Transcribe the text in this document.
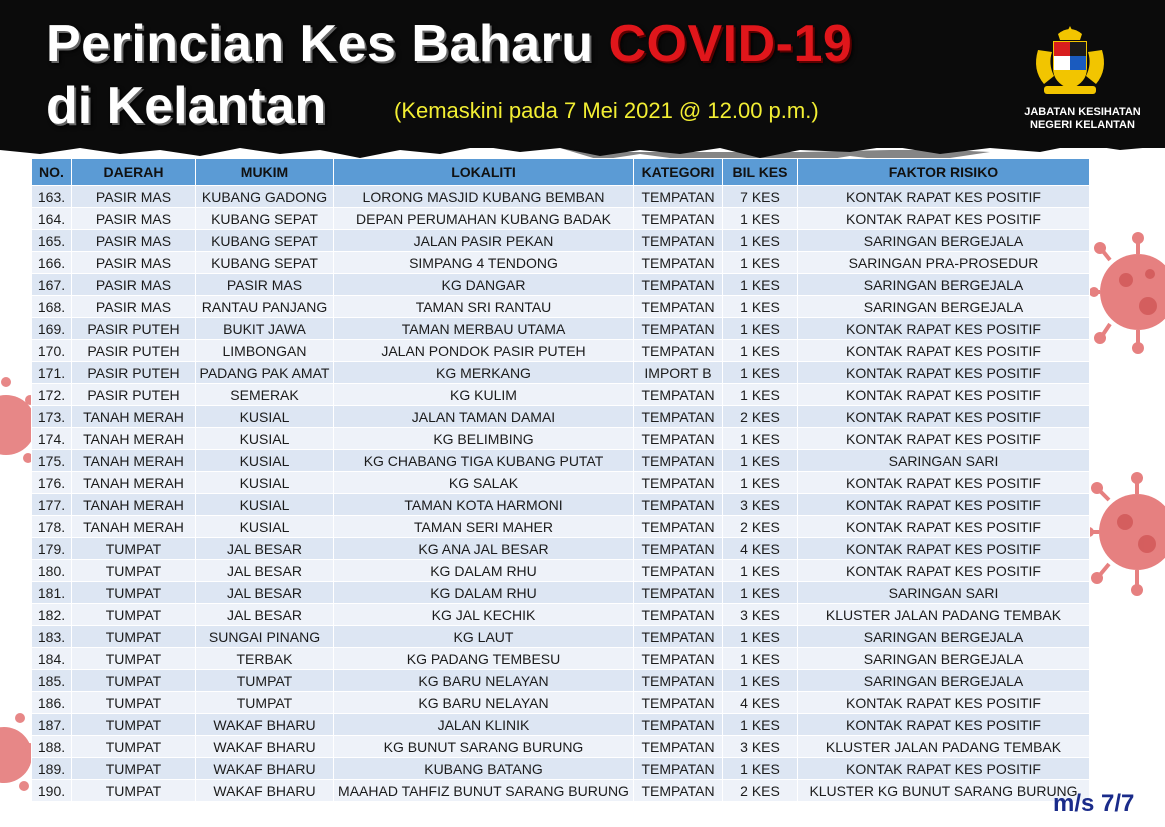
Perincian Kes Baharu COVID-19
di Kelantan	(Kemaskini pada 7 Mei 2021 @ 12.00 p.m.)	JABATAN KESIHATAN
NEGERI KELANTAN
NO.	DAERAH	MUKIM	LOKALITI	KATEGORI	BIL KES	FAKTOR RISIKO
163.	PASIR MAS	KUBANG GADONG	LORONG MASJID KUBANG BEMBAN	TEMPATAN	7 KES	KONTAK RAPAT KES POSITIF
164.	PASIR MAS	KUBANG SEPAT	DEPAN PERUMAHAN KUBANG BADAK	TEMPATAN	1 KES	KONTAK RAPAT KES POSITIF
165.	PASIR MAS	KUBANG SEPAT	JALAN PASIR PEKAN	TEMPATAN	1 KES	SARINGAN BERGEJALA
166.	PASIR MAS	KUBANG SEPAT	SIMPANG 4 TENDONG	TEMPATAN	1 KES	SARINGAN PRA-PROSEDUR
167.	PASIR MAS	PASIR MAS	KG DANGAR	TEMPATAN	1 KES	SARINGAN BERGEJALA
168.	PASIR MAS	RANTAU PANJANG	TAMAN SRI RANTAU	TEMPATAN	1 KES	SARINGAN BERGEJALA
169.	PASIR PUTEH	BUKIT JAWA	TAMAN MERBAU UTAMA	TEMPATAN	1 KES	KONTAK RAPAT KES POSITIF
170.	PASIR PUTEH	LIMBONGAN	JALAN PONDOK PASIR PUTEH	TEMPATAN	1 KES	KONTAK RAPAT KES POSITIF
171.	PASIR PUTEH	PADANG PAK AMAT	KG MERKANG	IMPORT B	1 KES	KONTAK RAPAT KES POSITIF
172.	PASIR PUTEH	SEMERAK	KG KULIM	TEMPATAN	1 KES	KONTAK RAPAT KES POSITIF
173.	TANAH MERAH	KUSIAL	JALAN TAMAN DAMAI	TEMPATAN	2 KES	KONTAK RAPAT KES POSITIF
174.	TANAH MERAH	KUSIAL	KG BELIMBING	TEMPATAN	1 KES	KONTAK RAPAT KES POSITIF
175.	TANAH MERAH	KUSIAL	KG CHABANG TIGA KUBANG PUTAT	TEMPATAN	1 KES	SARINGAN SARI
176.	TANAH MERAH	KUSIAL	KG SALAK	TEMPATAN	1 KES	KONTAK RAPAT KES POSITIF
177.	TANAH MERAH	KUSIAL	TAMAN KOTA HARMONI	TEMPATAN	3 KES	KONTAK RAPAT KES POSITIF
178.	TANAH MERAH	KUSIAL	TAMAN SERI MAHER	TEMPATAN	2 KES	KONTAK RAPAT KES POSITIF
179.	TUMPAT	JAL BESAR	KG ANA JAL BESAR	TEMPATAN	4 KES	KONTAK RAPAT KES POSITIF
180.	TUMPAT	JAL BESAR	KG DALAM RHU	TEMPATAN	1 KES	KONTAK RAPAT KES POSITIF
181.	TUMPAT	JAL BESAR	KG DALAM RHU	TEMPATAN	1 KES	SARINGAN SARI
182.	TUMPAT	JAL BESAR	KG JAL KECHIK	TEMPATAN	3 KES	KLUSTER JALAN PADANG TEMBAK
183.	TUMPAT	SUNGAI PINANG	KG LAUT	TEMPATAN	1 KES	SARINGAN BERGEJALA
184.	TUMPAT	TERBAK	KG PADANG TEMBESU	TEMPATAN	1 KES	SARINGAN BERGEJALA
185.	TUMPAT	TUMPAT	KG BARU NELAYAN	TEMPATAN	1 KES	SARINGAN BERGEJALA
186.	TUMPAT	TUMPAT	KG BARU NELAYAN	TEMPATAN	4 KES	KONTAK RAPAT KES POSITIF
187.	TUMPAT	WAKAF BHARU	JALAN KLINIK	TEMPATAN	1 KES	KONTAK RAPAT KES POSITIF
188.	TUMPAT	WAKAF BHARU	KG BUNUT SARANG BURUNG	TEMPATAN	3 KES	KLUSTER JALAN PADANG TEMBAK
189.	TUMPAT	WAKAF BHARU	KUBANG BATANG	TEMPATAN	1 KES	KONTAK RAPAT KES POSITIF
190.	TUMPAT	WAKAF BHARU	MAAHAD TAHFIZ BUNUT SARANG BURUNG	TEMPATAN	2 KES	KLUSTER KG BUNUT SARANG BURUNG
m/s 7/7
